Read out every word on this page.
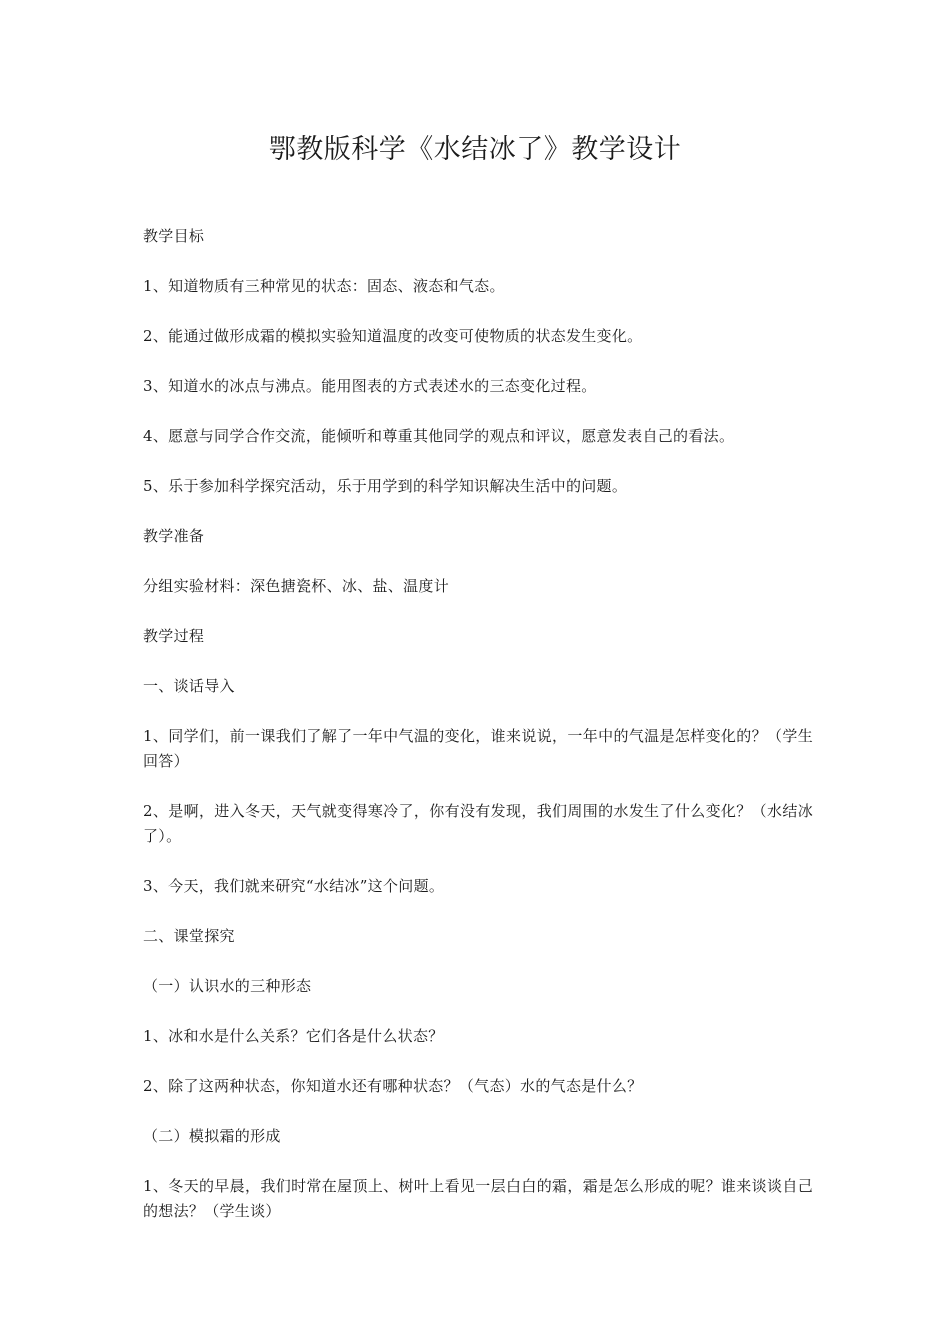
鄂教版科学《水结冰了》教学设计

教学目标

1、知道物质有三种常见的状态：固态、液态和气态。

2、能通过做形成霜的模拟实验知道温度的改变可使物质的状态发生变化。

3、知道水的冰点与沸点。能用图表的方式表述水的三态变化过程。

4、愿意与同学合作交流，能倾听和尊重其他同学的观点和评议，愿意发表自己的看法。

5、乐于参加科学探究活动，乐于用学到的科学知识解决生活中的问题。

教学准备

分组实验材料：深色搪瓷杯、冰、盐、温度计

教学过程

一、谈话导入

1、同学们，前一课我们了解了一年中气温的变化，谁来说说，一年中的气温是怎样变化的？（学生回答）

2、是啊，进入冬天，天气就变得寒冷了，你有没有发现，我们周围的水发生了什么变化？（水结冰了）。

3、今天，我们就来研究“水结冰”这个问题。

二、课堂探究

（一）认识水的三种形态

1、冰和水是什么关系？它们各是什么状态？

2、除了这两种状态，你知道水还有哪种状态？（气态）水的气态是什么？

（二）模拟霜的形成

1、冬天的早晨，我们时常在屋顶上、树叶上看见一层白白的霜，霜是怎么形成的呢？谁来谈谈自己的想法？（学生谈）
